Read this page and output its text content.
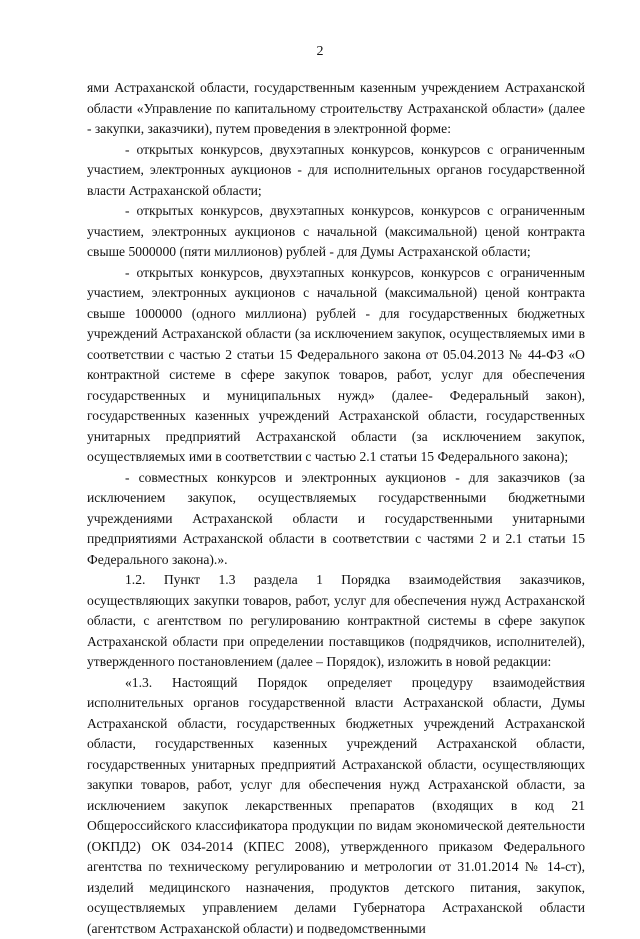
2

ями Астраханской области, государственным казенным учреждением Астраханской области «Управление по капитальному строительству Астраханской области» (далее - закупки, заказчики), путем проведения в электронной форме:

- открытых конкурсов, двухэтапных конкурсов, конкурсов с ограниченным участием, электронных аукционов - для исполнительных органов государственной власти Астраханской области;

- открытых конкурсов, двухэтапных конкурсов, конкурсов с ограниченным участием, электронных аукционов с начальной (максимальной) ценой контракта свыше 5000000 (пяти миллионов) рублей - для Думы Астраханской области;

- открытых конкурсов, двухэтапных конкурсов, конкурсов с ограниченным участием, электронных аукционов с начальной (максимальной) ценой контракта свыше 1000000 (одного миллиона) рублей - для государственных бюджетных учреждений Астраханской области (за исключением закупок, осуществляемых ими в соответствии с частью 2 статьи 15 Федерального закона от 05.04.2013 № 44-ФЗ «О контрактной системе в сфере закупок товаров, работ, услуг для обеспечения государственных и муниципальных нужд» (далее- Федеральный закон), государственных казенных учреждений Астраханской области, государственных унитарных предприятий Астраханской области (за исключением закупок, осуществляемых ими в соответствии с частью 2.1 статьи 15 Федерального закона);

- совместных конкурсов и электронных аукционов - для заказчиков (за исключением закупок, осуществляемых государственными бюджетными учреждениями Астраханской области и государственными унитарными предприятиями Астраханской области в соответствии с частями 2 и 2.1 статьи 15 Федерального закона).».

1.2. Пункт 1.3 раздела 1 Порядка взаимодействия заказчиков, осуществляющих закупки товаров, работ, услуг для обеспечения нужд Астраханской области, с агентством по регулированию контрактной системы в сфере закупок Астраханской области при определении поставщиков (подрядчиков, исполнителей), утвержденного постановлением (далее – Порядок), изложить в новой редакции:

«1.3. Настоящий Порядок определяет процедуру взаимодействия исполнительных органов государственной власти Астраханской области, Думы Астраханской области, государственных бюджетных учреждений Астраханской области, государственных казенных учреждений Астраханской области, государственных унитарных предприятий Астраханской области, осуществляющих закупки товаров, работ, услуг для обеспечения нужд Астраханской области, за исключением закупок лекарственных препаратов (входящих в код 21 Общероссийского классификатора продукции по видам экономической деятельности (ОКПД2) ОК 034-2014 (КПЕС 2008), утвержденного приказом Федерального агентства по техническому регулированию и метрологии от 31.01.2014 № 14-ст), изделий медицинского назначения, продуктов детского питания, закупок, осуществляемых управлением делами Губернатора Астраханской области (агентством Астраханской области) и подведомственными
